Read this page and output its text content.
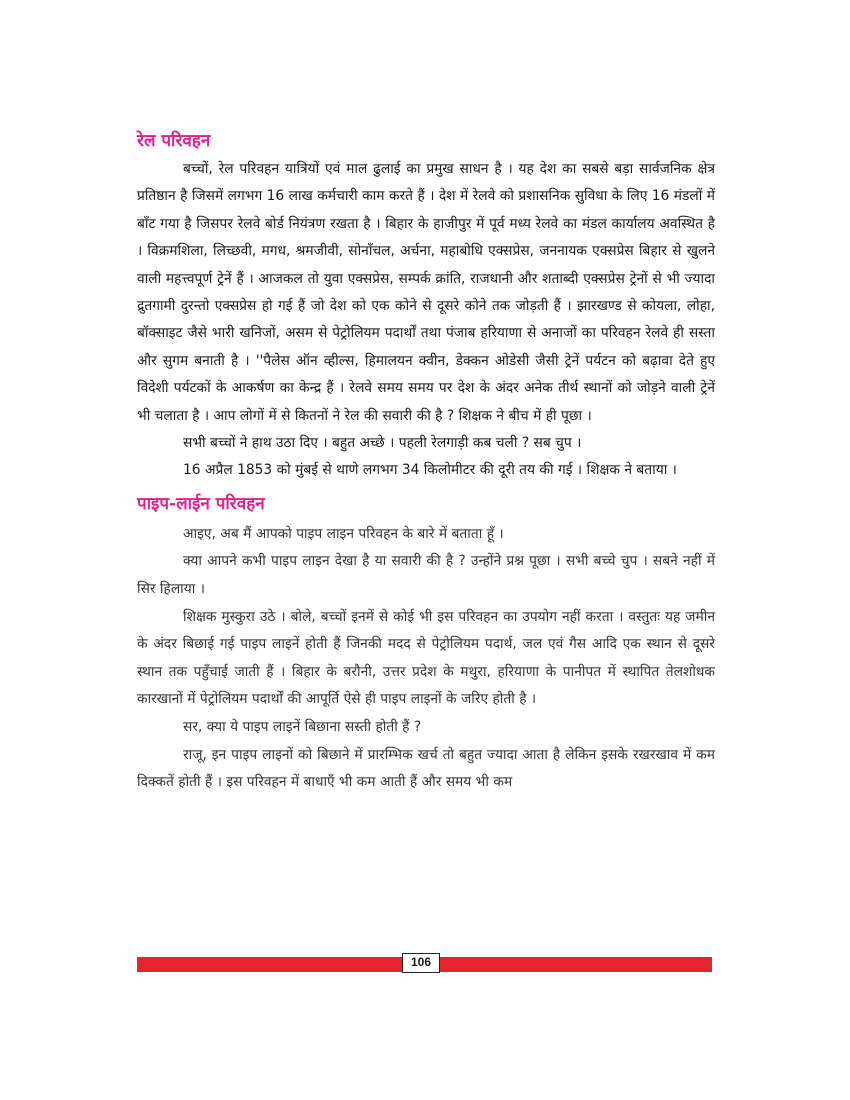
रेल परिवहन

बच्चों, रेल परिवहन यात्रियों एवं माल ढुलाई का प्रमुख साधन है । यह देश का सबसे बड़ा सार्वजनिक क्षेत्र प्रतिष्ठान है जिसमें लगभग 16 लाख कर्मचारी काम करते हैं । देश में रेलवे को प्रशासनिक सुविधा के लिए 16 मंडलों में बाँट गया है जिसपर रेलवे बोर्ड नियंत्रण रखता है । बिहार के हाजीपुर में पूर्व मध्य रेलवे का मंडल कार्यालय अवस्थित है । विक्रमशिला, लिच्छवी, मगध, श्रमजीवी, सोनाँचल, अर्चना, महाबोधि एक्सप्रेस, जननायक एक्सप्रेस बिहार से खुलने वाली महत्त्वपूर्ण ट्रेनें हैं । आजकल तो युवा एक्सप्रेस, सम्पर्क क्रांति, राजधानी और शताब्दी एक्सप्रेस ट्रेनों से भी ज्यादा द्रुतगामी दुरन्तो एक्सप्रेस हो गई हैं जो देश को एक कोने से दूसरे कोने तक जोड़ती हैं । झारखण्ड से कोयला, लोहा, बॉक्साइट जैसे भारी खनिजों, असम से पेट्रोलियम पदार्थों तथा पंजाब हरियाणा से अनाजों का परिवहन रेलवे ही सस्ता और सुगम बनाती है । ''पैलेस ऑन व्हील्स, हिमालयन क्वीन, डेक्कन ओडेसी जैसी ट्रेनें पर्यटन को बढ़ावा देते हुए विदेशी पर्यटकों के आकर्षण का केन्द्र हैं । रेलवे समय समय पर देश के अंदर अनेक तीर्थ स्थानों को जोड़ने वाली ट्रेनें भी चलाता है । आप लोगों में से कितनों ने रेल की सवारी की है ? शिक्षक ने बीच में ही पूछा ।

सभी बच्चों ने हाथ उठा दिए । बहुत अच्छे । पहली रेलगाड़ी कब चली ? सब चुप ।

16 अप्रैल 1853 को मुंबई से थाणे लगभग 34 किलोमीटर की दूरी तय की गई । शिक्षक ने बताया ।

पाइप-लाईन परिवहन

आइए, अब मैं आपको पाइप लाइन परिवहन के बारे में बताता हूँ ।

क्या आपने कभी पाइप लाइन देखा है या सवारी की है ? उन्होंने प्रश्न पूछा । सभी बच्चे चुप । सबने नहीं में सिर हिलाया ।

शिक्षक मुस्कुरा उठे । बोले, बच्चों इनमें से कोई भी इस परिवहन का उपयोग नहीं करता । वस्तुतः यह जमीन के अंदर बिछाई गई पाइप लाइनें होती हैं जिनकी मदद से पेट्रोलियम पदार्थ, जल एवं गैस आदि एक स्थान से दूसरे स्थान तक पहुँचाई जाती हैं । बिहार के बरौनी, उत्तर प्रदेश के मथुरा, हरियाणा के पानीपत में स्थापित तेलशोधक कारखानों में पेट्रोलियम पदार्थों की आपूर्ति ऐसे ही पाइप लाइनों के जरिए होती है ।

सर, क्या ये पाइप लाइनें बिछाना सस्ती होती हैं ?

राजू, इन पाइप लाइनों को बिछाने में प्रारम्भिक खर्च तो बहुत ज्यादा आता है लेकिन इसके रखरखाव में कम दिक्कतें होती हैं । इस परिवहन में बाधाएँ भी कम आती हैं और समय भी कम

106
